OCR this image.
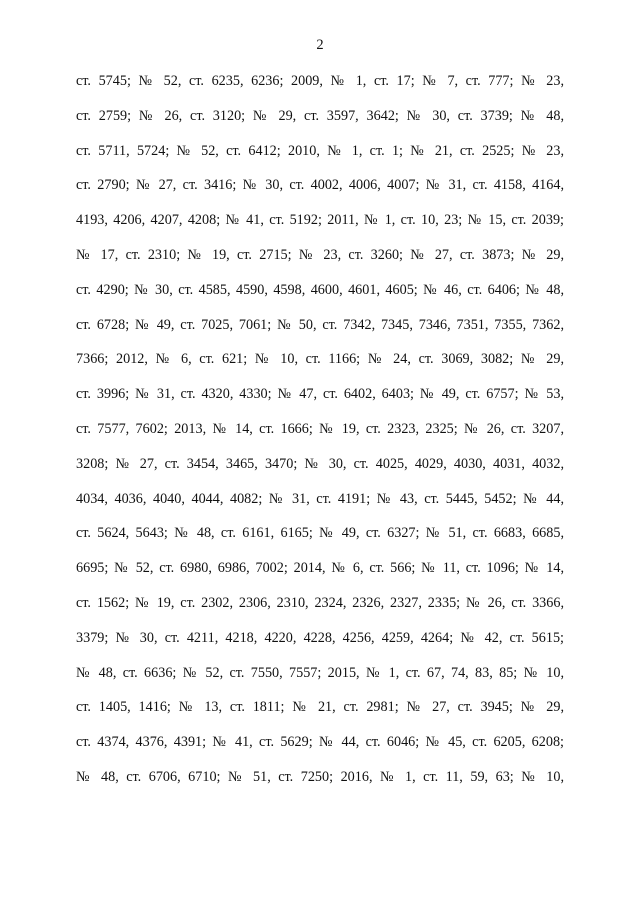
2
ст. 5745; № 52, ст. 6235, 6236; 2009, № 1, ст. 17; № 7, ст. 777; № 23,
ст. 2759; № 26, ст. 3120; № 29, ст. 3597, 3642; № 30, ст. 3739; № 48,
ст. 5711, 5724; № 52, ст. 6412; 2010, № 1, ст. 1; № 21, ст. 2525; № 23,
ст. 2790; № 27, ст. 3416; № 30, ст. 4002, 4006, 4007; № 31, ст. 4158, 4164,
4193, 4206, 4207, 4208; № 41, ст. 5192; 2011, № 1, ст. 10, 23; № 15, ст. 2039;
№ 17, ст. 2310; № 19, ст. 2715; № 23, ст. 3260; № 27, ст. 3873; № 29,
ст. 4290; № 30, ст. 4585, 4590, 4598, 4600, 4601, 4605; № 46, ст. 6406; № 48,
ст. 6728; № 49, ст. 7025, 7061; № 50, ст. 7342, 7345, 7346, 7351, 7355, 7362,
7366; 2012, № 6, ст. 621; № 10, ст. 1166; № 24, ст. 3069, 3082; № 29,
ст. 3996; № 31, ст. 4320, 4330; № 47, ст. 6402, 6403; № 49, ст. 6757; № 53,
ст. 7577, 7602; 2013, № 14, ст. 1666; № 19, ст. 2323, 2325; № 26, ст. 3207,
3208; № 27, ст. 3454, 3465, 3470; № 30, ст. 4025, 4029, 4030, 4031, 4032,
4034, 4036, 4040, 4044, 4082; № 31, ст. 4191; № 43, ст. 5445, 5452; № 44,
ст. 5624, 5643; № 48, ст. 6161, 6165; № 49, ст. 6327; № 51, ст. 6683, 6685,
6695; № 52, ст. 6980, 6986, 7002; 2014, № 6, ст. 566; № 11, ст. 1096; № 14,
ст. 1562; № 19, ст. 2302, 2306, 2310, 2324, 2326, 2327, 2335; № 26, ст. 3366,
3379; № 30, ст. 4211, 4218, 4220, 4228, 4256, 4259, 4264; № 42, ст. 5615;
№ 48, ст. 6636; № 52, ст. 7550, 7557; 2015, № 1, ст. 67, 74, 83, 85; № 10,
ст. 1405, 1416; № 13, ст. 1811; № 21, ст. 2981; № 27, ст. 3945; № 29,
ст. 4374, 4376, 4391; № 41, ст. 5629; № 44, ст. 6046; № 45, ст. 6205, 6208;
№ 48, ст. 6706, 6710; № 51, ст. 7250; 2016, № 1, ст. 11, 59, 63; № 10,
